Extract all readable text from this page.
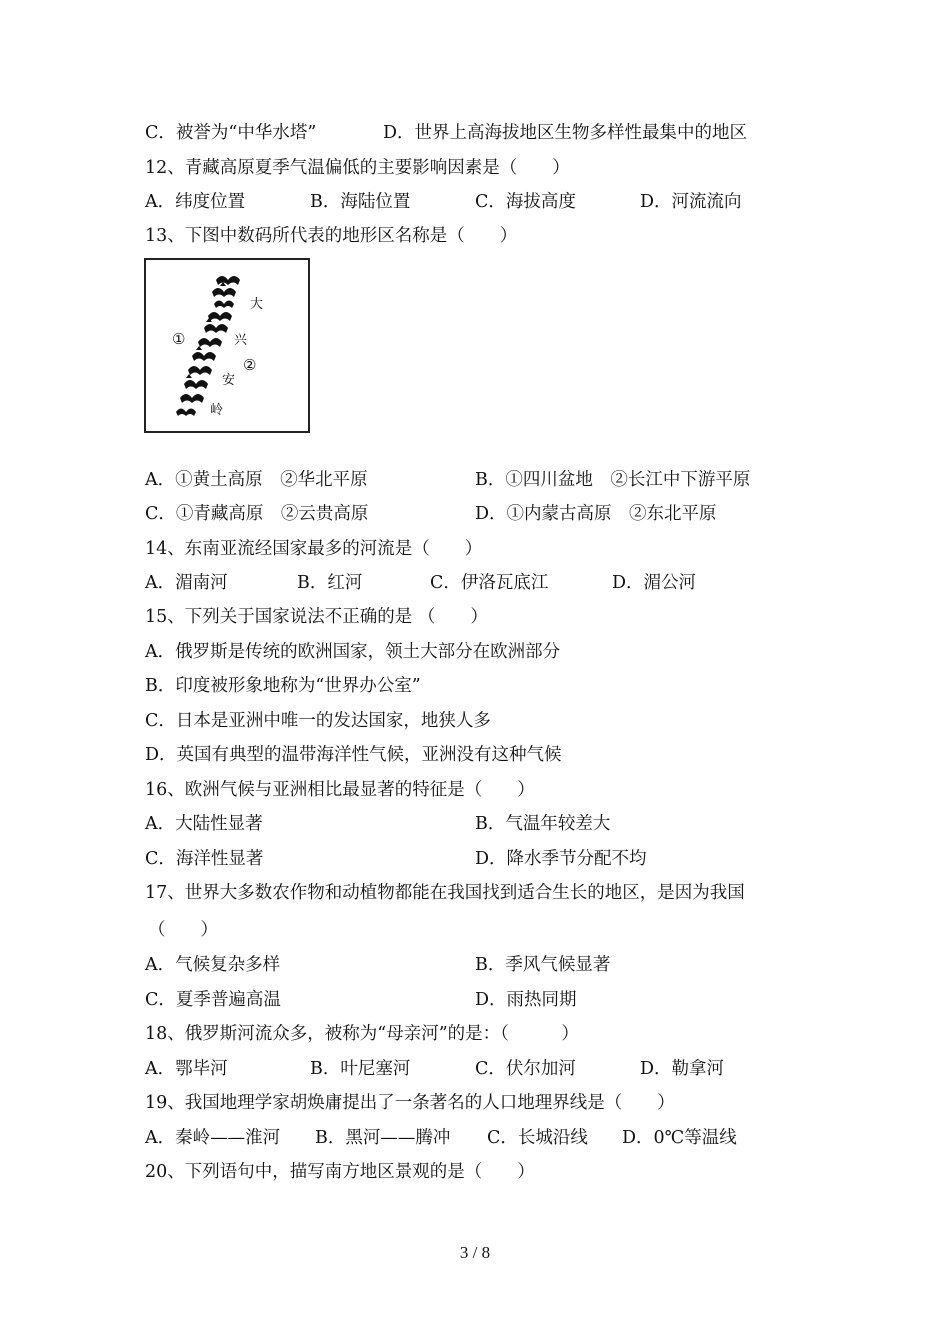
C．被誉为“中华水塔”	D．世界上高海拔地区生物多样性最集中的地区
12、青藏高原夏季气温偏低的主要影响因素是（　　）
A．纬度位置	B．海陆位置	C．海拔高度	D．河流流向
13、下图中数码所代表的地形区名称是（　　）
①
②
大
兴
安
岭
A．①黄土高原　②华北平原	B．①四川盆地　②长江中下游平原
C．①青藏高原　②云贵高原	D．①内蒙古高原　②东北平原
14、东南亚流经国家最多的河流是（　　）
A．湄南河	B．红河	C．伊洛瓦底江	D．湄公河
15、下列关于国家说法不正确的是 （　　）
A．俄罗斯是传统的欧洲国家，领土大部分在欧洲部分
B．印度被形象地称为“世界办公室”
C．日本是亚洲中唯一的发达国家，地狭人多
D．英国有典型的温带海洋性气候，亚洲没有这种气候
16、欧洲气候与亚洲相比最显著的特征是（　　）
A．大陆性显著	B．气温年较差大
C．海洋性显著	D．降水季节分配不均
17、世界大多数农作物和动植物都能在我国找到适合生长的地区，是因为我国
（　　）
A．气候复杂多样	B．季风气候显著
C．夏季普遍高温	D．雨热同期
18、俄罗斯河流众多，被称为“母亲河”的是：（　　　）
A．鄂毕河	B．叶尼塞河	C．伏尔加河	D．勒拿河
19、我国地理学家胡焕庸提出了一条著名的人口地理界线是（　　）
A．秦岭——淮河 B．黑河——腾冲 C．长城沿线 D．0℃等温线
20、下列语句中，描写南方地区景观的是（　　）
3 / 8
